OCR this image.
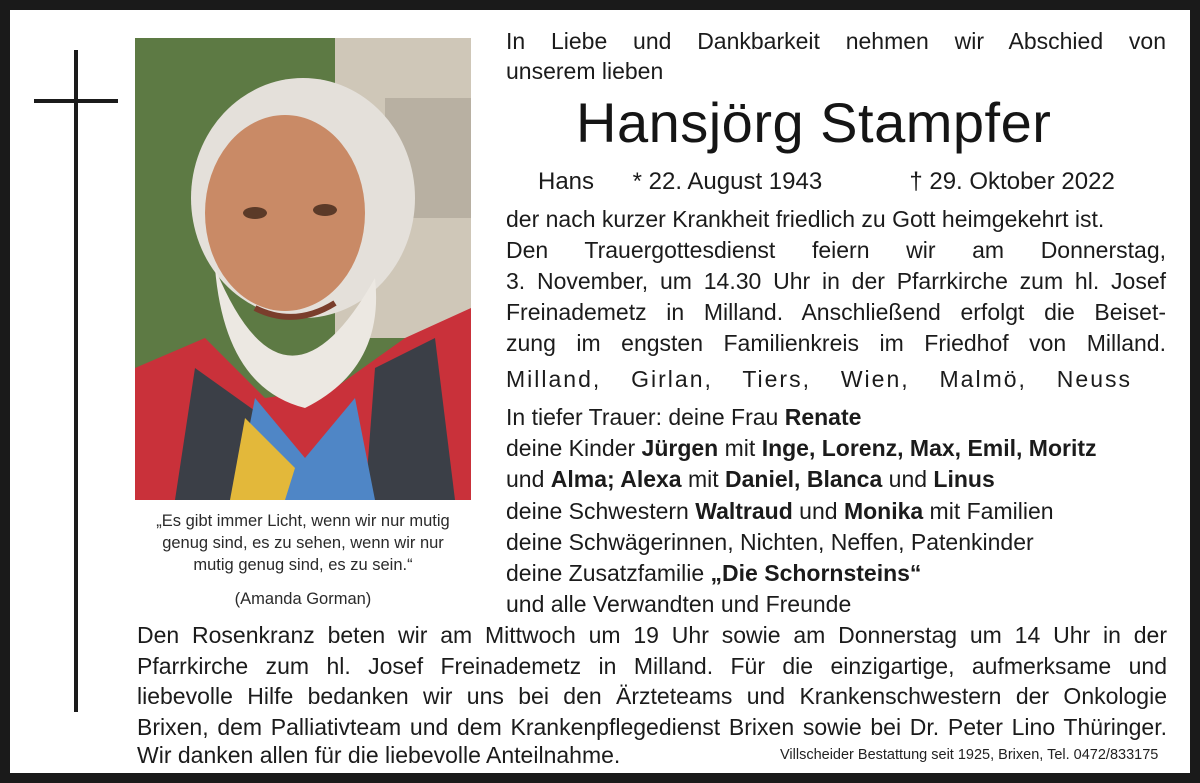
„Es gibt immer Licht, wenn wir nur mutig
genug sind, es zu sehen, wenn wir nur
mutig genug sind, es zu sein.“
(Amanda Gorman)
In Liebe und Dankbarkeit nehmen wir Abschied von
unserem lieben
Hansjörg Stampfer
Hans * 22. August 1943	† 29. Oktober 2022
der nach kurzer Krankheit friedlich zu Gott heimgekehrt ist.
Den Trauergottesdienst feiern wir am Donnerstag,
3. November, um 14.30 Uhr in der Pfarrkirche zum hl. Josef
Freinademetz in Milland. Anschließend erfolgt die Beiset-
zung im engsten Familienkreis im Friedhof von Milland.
Milland, Girlan, Tiers, Wien, Malmö, Neuss
In tiefer Trauer: deine Frau Renate
deine Kinder Jürgen mit Inge, Lorenz, Max, Emil, Moritz
und Alma; Alexa mit Daniel, Blanca und Linus
deine Schwestern Waltraud und Monika mit Familien
deine Schwägerinnen, Nichten, Neffen, Patenkinder
deine Zusatzfamilie „Die Schornsteins“
und alle Verwandten und Freunde
Den Rosenkranz beten wir am Mittwoch um 19 Uhr sowie am Donnerstag um 14 Uhr in der
Pfarrkirche zum hl. Josef Freinademetz in Milland. Für die einzigartige, aufmerksame und
liebevolle Hilfe bedanken wir uns bei den Ärzteteams und Krankenschwestern der Onkologie
Brixen, dem Palliativteam und dem Krankenpflegedienst Brixen sowie bei Dr. Peter Lino Thüringer.
Wir danken allen für die liebevolle Anteilnahme.	Villscheider Bestattung seit 1925, Brixen, Tel. 0472/833175
